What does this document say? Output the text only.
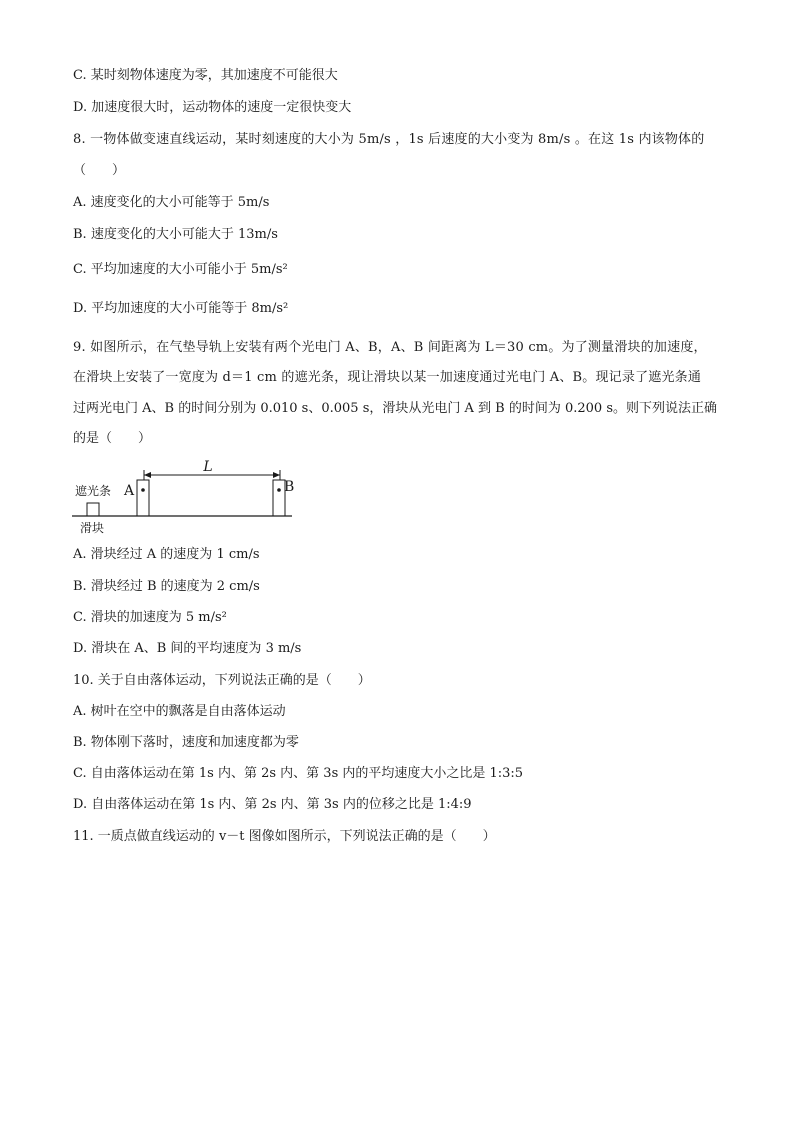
C. 某时刻物体速度为零，其加速度不可能很大
D. 加速度很大时，运动物体的速度一定很快变大
8. 一物体做变速直线运动，某时刻速度的大小为 5m/s ，1s 后速度的大小变为 8m/s 。在这 1s 内该物体的
（　　）
A. 速度变化的大小可能等于 5m/s
B. 速度变化的大小可能大于 13m/s
C. 平均加速度的大小可能小于 5m/s²
D. 平均加速度的大小可能等于 8m/s²
9. 如图所示，在气垫导轨上安装有两个光电门 A、B，A、B 间距离为 L＝30 cm。为了测量滑块的加速度，
在滑块上安装了一宽度为 d＝1 cm 的遮光条，现让滑块以某一加速度通过光电门 A、B。现记录了遮光条通
过两光电门 A、B 的时间分别为 0.010 s、0.005 s，滑块从光电门 A 到 B 的时间为 0.200 s。则下列说法正确
的是（　　）
L
A	B
遮光条
滑块
A. 滑块经过 A 的速度为 1 cm/s
B. 滑块经过 B 的速度为 2 cm/s
C. 滑块的加速度为 5 m/s²
D. 滑块在 A、B 间的平均速度为 3 m/s
10. 关于自由落体运动，下列说法正确的是（　　）
A. 树叶在空中的飘落是自由落体运动
B. 物体刚下落时，速度和加速度都为零
C. 自由落体运动在第 1s 内、第 2s 内、第 3s 内的平均速度大小之比是 1:3:5
D. 自由落体运动在第 1s 内、第 2s 内、第 3s 内的位移之比是 1:4:9
11. 一质点做直线运动的 v－t 图像如图所示，下列说法正确的是（　　）
